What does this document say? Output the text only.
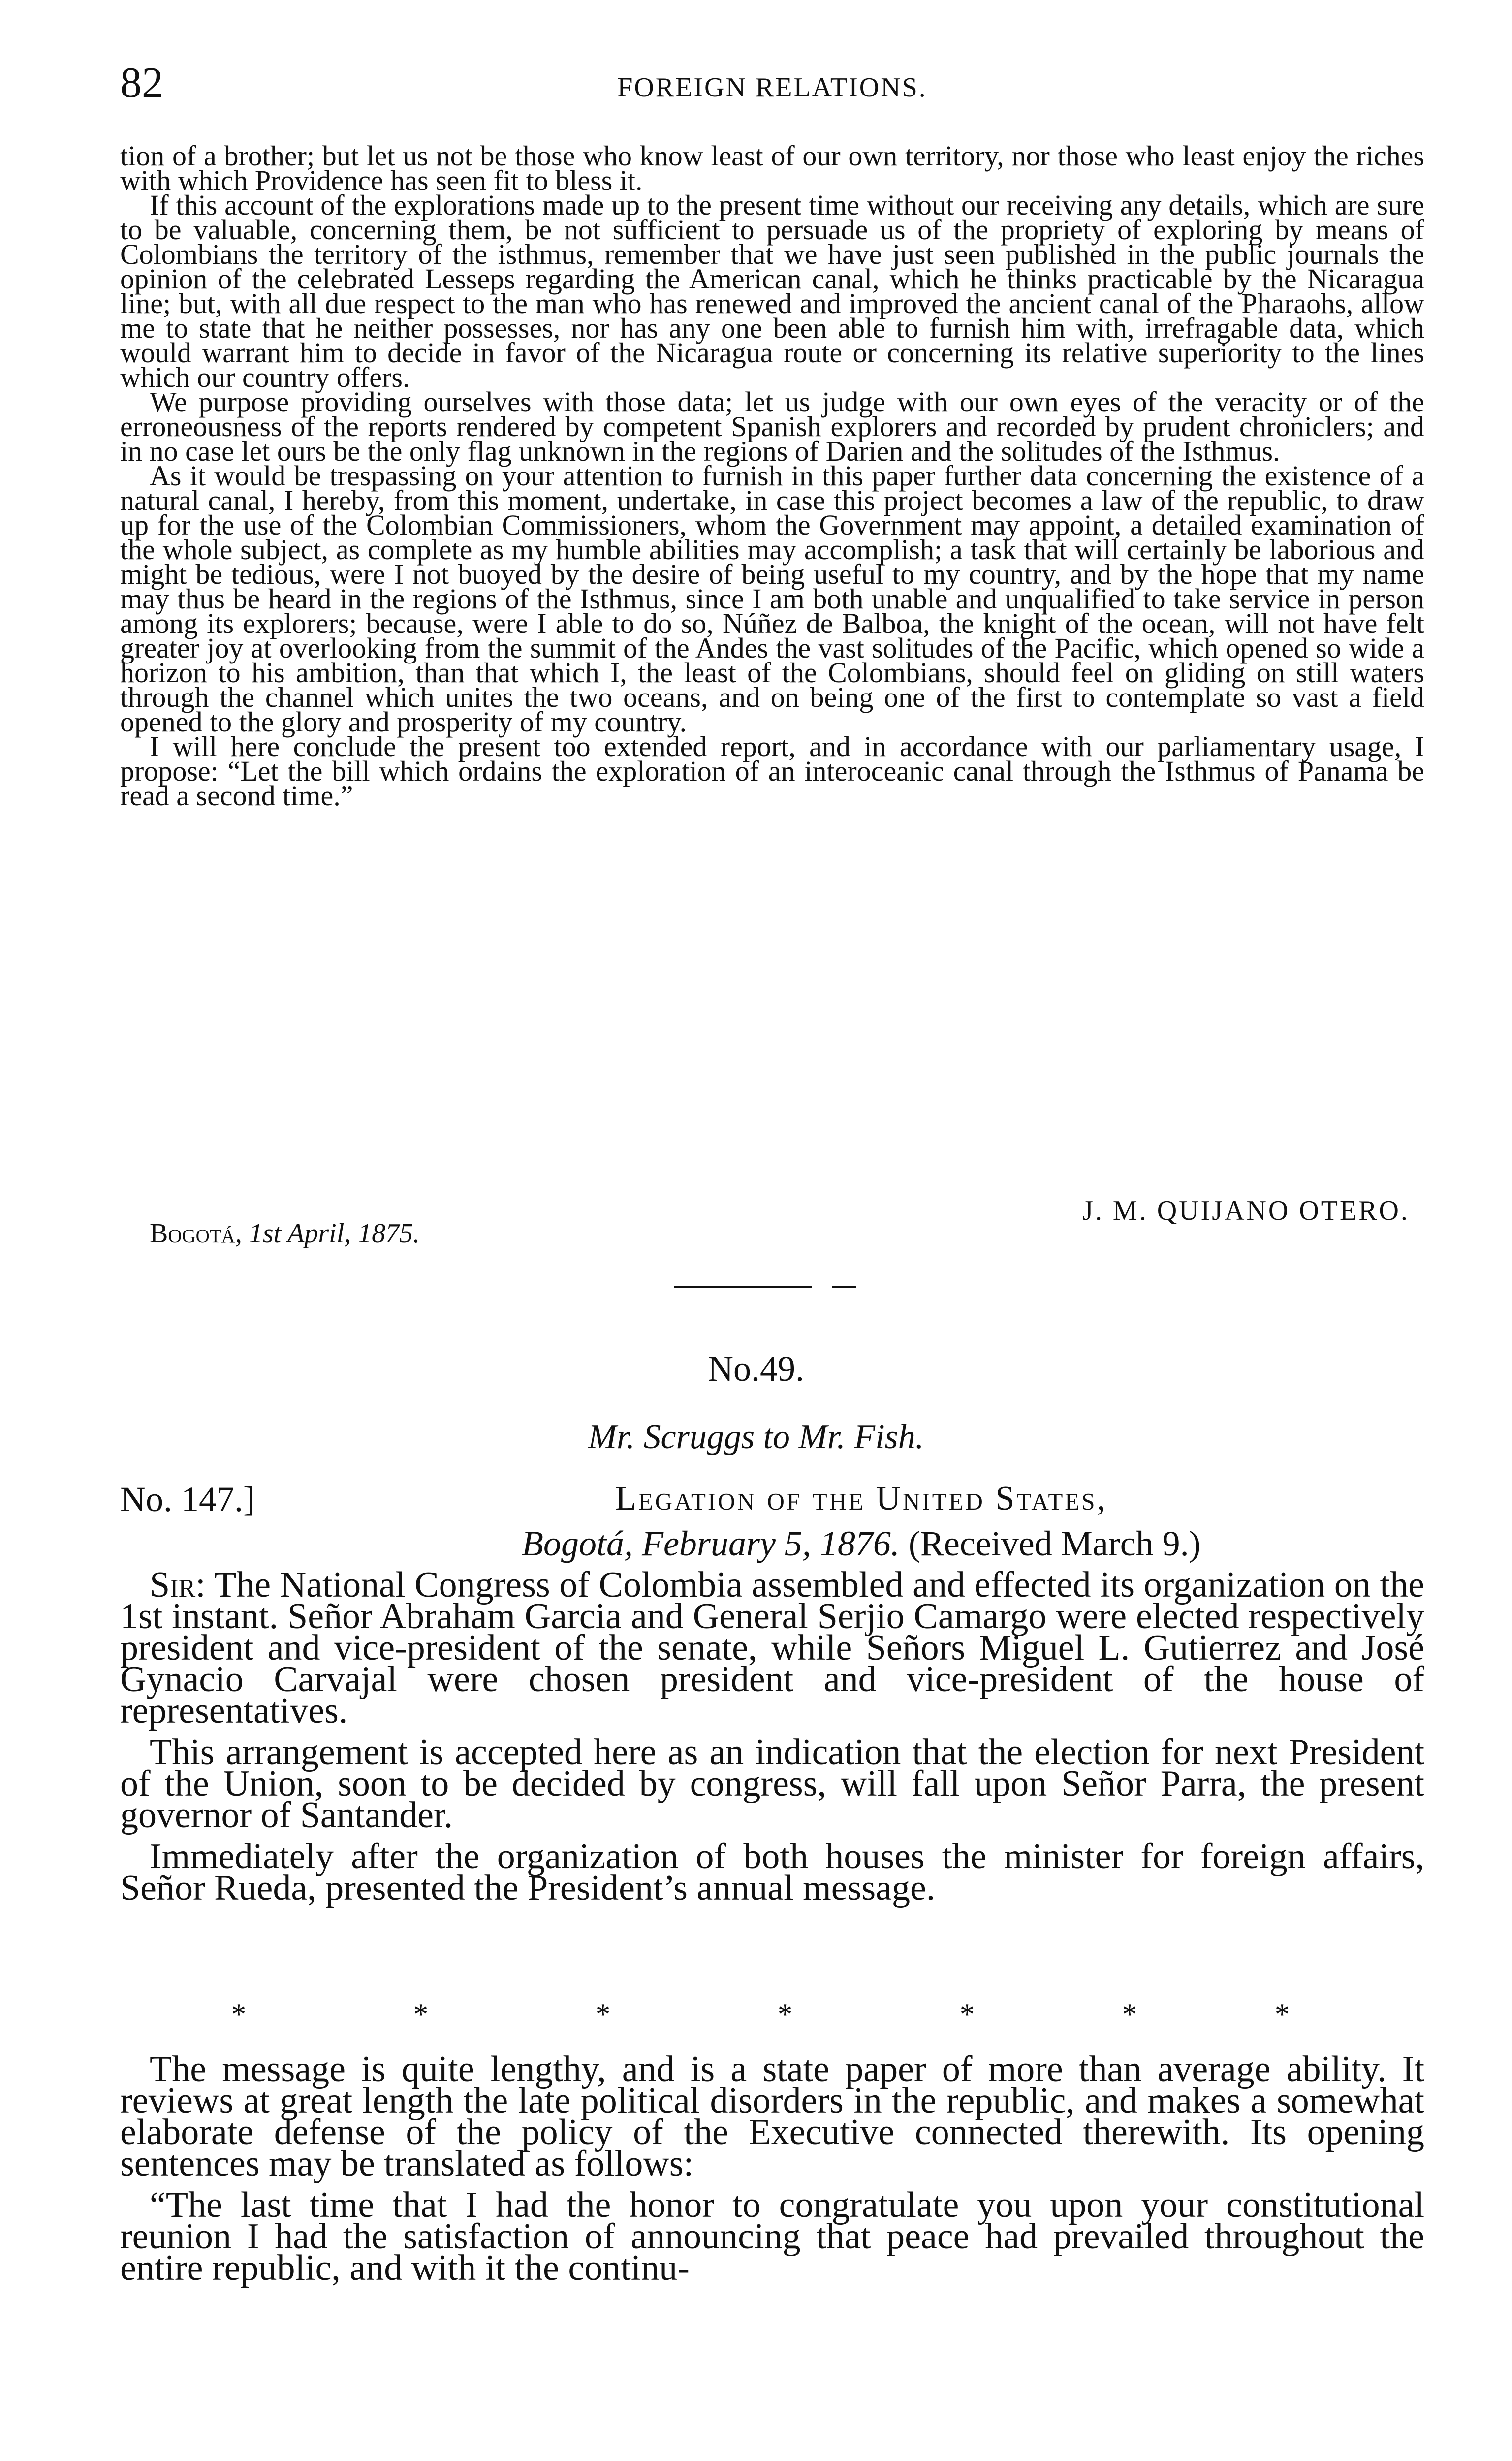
82	FOREIGN RELATIONS.

tion of a brother; but let us not be those who know least of our own territory, nor those who least enjoy the riches with which Providence has seen fit to bless it.

If this account of the explorations made up to the present time without our receiving any details, which are sure to be valuable, concerning them, be not sufficient to persuade us of the propriety of exploring by means of Colombians the territory of the isthmus, remember that we have just seen published in the public journals the opinion of the celebrated Lesseps regarding the American canal, which he thinks practicable by the Nicaragua line; but, with all due respect to the man who has renewed and improved the ancient canal of the Pharaohs, allow me to state that he neither possesses, nor has any one been able to furnish him with, irrefragable data, which would warrant him to decide in favor of the Nicaragua route or concerning its relative superiority to the lines which our country offers.

We purpose providing ourselves with those data; let us judge with our own eyes of the veracity or of the erroneousness of the reports rendered by competent Spanish explorers and recorded by prudent chroniclers; and in no case let ours be the only flag unknown in the regions of Darien and the solitudes of the Isthmus.

As it would be trespassing on your attention to furnish in this paper further data concerning the existence of a natural canal, I hereby, from this moment, undertake, in case this project becomes a law of the republic, to draw up for the use of the Colombian Commissioners, whom the Government may appoint, a detailed examination of the whole subject, as complete as my humble abilities may accomplish; a task that will certainly be laborious and might be tedious, were I not buoyed by the desire of being useful to my country, and by the hope that my name may thus be heard in the regions of the Isthmus, since I am both unable and unqualified to take service in person among its explorers; because, were I able to do so, Núñez de Balboa, the knight of the ocean, will not have felt greater joy at overlooking from the summit of the Andes the vast solitudes of the Pacific, which opened so wide a horizon to his ambition, than that which I, the least of the Colombians, should feel on gliding on still waters through the channel which unites the two oceans, and on being one of the first to contemplate so vast a field opened to the glory and prosperity of my country.

I will here conclude the present too extended report, and in accordance with our parliamentary usage, I propose: “Let the bill which ordains the exploration of an interoceanic canal through the Isthmus of Panama be read a second time.”

Bogotá, 1st April, 1875.
J. M. QUIJANO OTERO.
No.49.
Mr. Scruggs to Mr. Fish.
No. 147.]	Legation of the United States,
Bogotá, February 5, 1876. (Received March 9.)

Sir: The National Congress of Colombia assembled and effected its organization on the 1st instant. Señor Abraham Garcia and General Serjio Camargo were elected respectively president and vice-president of the senate, while Señors Miguel L. Gutierrez and José Gynacio Carvajal were chosen president and vice-president of the house of representatives.

This arrangement is accepted here as an indication that the election for next President of the Union, soon to be decided by congress, will fall upon Señor Parra, the present governor of Santander.

Immediately after the organization of both houses the minister for foreign affairs, Señor Rueda, presented the President’s annual message.

*	*	*	*	*	*	*

The message is quite lengthy, and is a state paper of more than average ability. It reviews at great length the late political disorders in the republic, and makes a somewhat elaborate defense of the policy of the Executive connected therewith. Its opening sentences may be translated as follows:

“The last time that I had the honor to congratulate you upon your constitutional reunion I had the satisfaction of announcing that peace had prevailed throughout the entire republic, and with it the continu-
